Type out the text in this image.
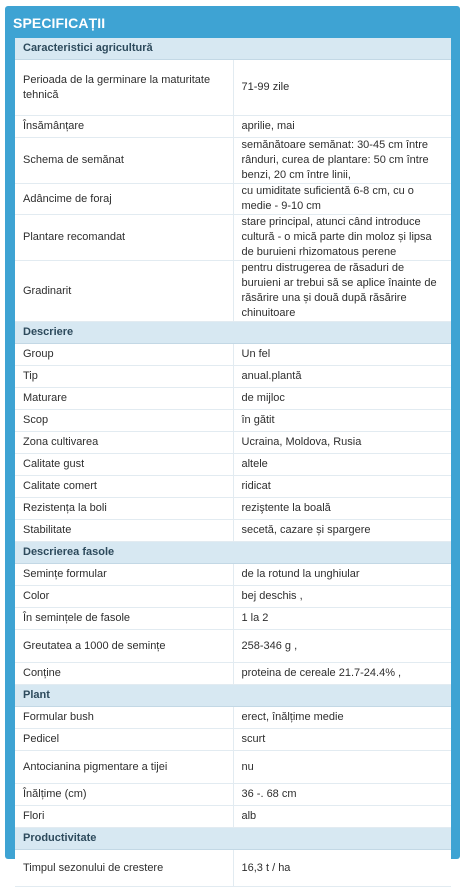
SPECIFICAȚII
Caracteristici agricultură	
Perioada de la germinare la maturitate tehnică	71-99 zile
Însămânțare	aprilie, mai
Schema de semănat	semănătoare semănat: 30-45 cm între rânduri, curea de plantare: 50 cm între benzi, 20 cm între linii,
Adâncime de foraj	cu umiditate suficientă 6-8 cm, cu o medie - 9-10 cm
Plantare recomandat	stare principal, atunci când introduce cultură - o mică parte din moloz și lipsa de buruieni rhizomatous perene
Gradinarit	pentru distrugerea de răsaduri de buruieni ar trebui să se aplice înainte de răsărire una și două după răsărire chinuitoare
Descriere	
Group	Un fel
Tip	anual.plantă
Maturare	de mijloc
Scop	în gătit
Zona cultivarea	Ucraina, Moldova, Rusia
Calitate gust	altele
Calitate comert	ridicat
Rezistența la boli	reziştente la boală
Stabilitate	secetă, cazare și spargere
Descrierea fasole	
Semințe formular	de la rotund la unghiular
Color	bej deschis ,
În semințele de fasole	1 la 2
Greutatea a 1000 de semințe	258-346 g ,
Conține	proteina de cereale 21.7-24.4% ,
Plant	
Formular bush	erect, înălțime medie
Pedicel	scurt
Antocianina pigmentare a tijei	nu
Înălțime (cm)	36 -. 68 cm
Flori	alb
Productivitate	
Timpul sezonului de crestere	16,3 t / ha
